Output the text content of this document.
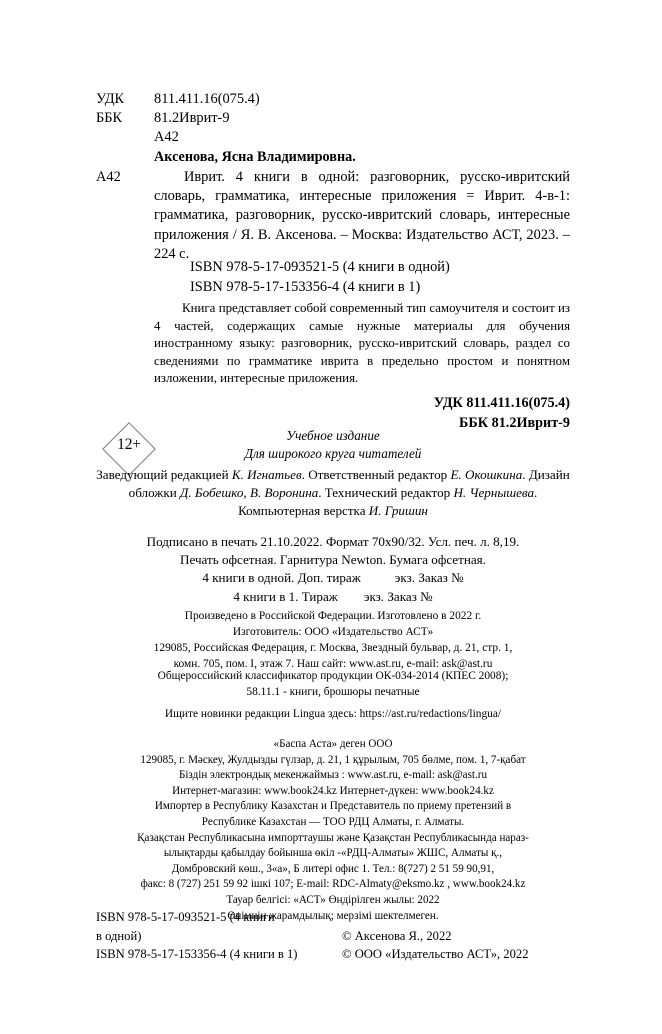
УДК	811.411.16(075.4)
ББК	81.2Иврит-9
А42
Аксенова, Ясна Владимировна.
А42	Иврит. 4 книги в одной: разговорник, русско-ивритский словарь, грамматика, интересные приложения = Иврит. 4-в-1: грамматика, разговорник, русско-ивритский словарь, интересные приложения / Я. В. Аксенова. – Москва: Издательство АСТ, 2023. – 224 с.
ISBN 978-5-17-093521-5 (4 книги в одной)
ISBN 978-5-17-153356-4 (4 книги в 1)
Книга представляет собой современный тип самоучителя и состоит из 4 частей, содержащих самые нужные материалы для обучения иностранному языку: разговорник, русско-ивритский словарь, раздел со сведениями по грамматике иврита в предельно простом и понятном изложении, интересные приложения.
УДК 811.411.16(075.4)
ББК 81.2Иврит-9
12+
Учебное издание
Для широкого круга читателей
Заведующий редакцией К. Игнатьев. Ответственный редактор Е. Окошкина. Дизайн обложки Д. Бобешко, В. Воронина. Технический редактор Н. Чернышева. Компьютерная верстка И. Гришин
Подписано в печать 21.10.2022. Формат 70x90/32. Усл. печ. л. 8,19.
Печать офсетная. Гарнитура Newton. Бумага офсетная.
4 книги в одной. Доп. тираж	экз. Заказ №
4 книги в 1. Тираж экз. Заказ №
Произведено в Российской Федерации. Изготовлено в 2022 г.
Изготовитель: ООО «Издательство АСТ»
129085, Российская Федерация, г. Москва, Звездный бульвар, д. 21, стр. 1,
комн. 705, пом. I, этаж 7. Наш сайт: www.ast.ru, e-mail: ask@ast.ru
Общероссийский классификатор продукции ОК-034-2014 (КПЕС 2008);
58.11.1 - книги, брошюры печатные
Ищите новинки редакции Lingua здесь: https://ast.ru/redactions/lingua/
«Баспа Аста» деген ООО
129085, г. Мәскеу, Жулдызды гүлзар, д. 21, 1 құрылым, 705 бөлме, пом. 1, 7-қабат
Біздін электрондық мекенжаймыз : www.ast.ru, e-mail: ask@ast.ru
Интернет-магазин: www.book24.kz Интернет-дүкен: www.book24.kz
Импортер в Республику Казахстан и Представитель по приему претензий в
Республике Казахстан — ТОО РДЦ Алматы, г. Алматы.
Қазақстан Республикасына импорттаушы және Қазақстан Республикасында нараз-
ылықтарды қабылдау бойынша өкіл -«РДЦ-Алматы» ЖШС, Алматы қ.,
Домбровский көш., 3«а», Б литері офис 1. Тел.: 8(727) 2 51 59 90,91,
факс: 8 (727) 251 59 92 ішкі 107; E-mail: RDC-Almaty@eksmo.kz , www.book24.kz
Тауар белгісі: «АСТ» Өндірілген жылы: 2022
Өнімнін жарамдылық; мерзімі шектелмеген.
ISBN 978-5-17-093521-5 (4 книги
в одной)	© Аксенова Я., 2022
ISBN 978-5-17-153356-4 (4 книги в 1)	© ООО «Издательство АСТ», 2022
